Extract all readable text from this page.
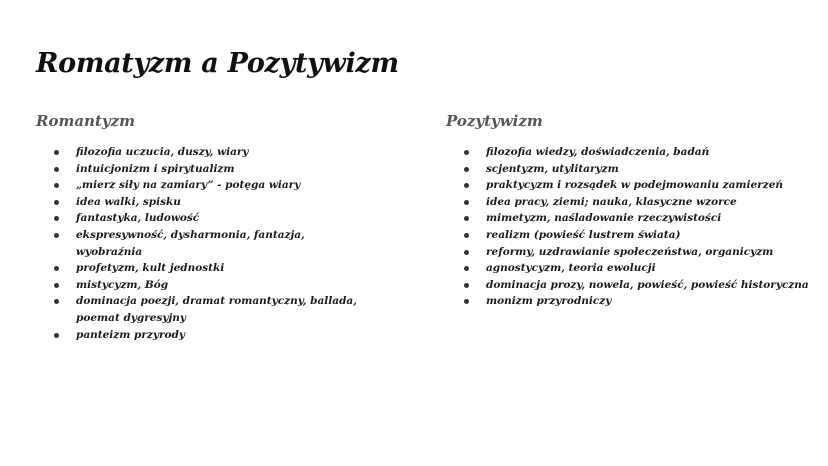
Romatyzm a Pozytywizm
Romantyzm
filozofia uczucia, duszy, wiary
intuicjonizm i spirytualizm
„mierz siły na zamiary” - potęga wiary
idea walki, spisku
fantastyka, ludowość
ekspresywność, dysharmonia, fantazja, wyobraźnia
profetyzm, kult jednostki
mistycyzm, Bóg
dominacja poezji, dramat romantyczny, ballada, poemat dygresyjny
panteizm przyrody
Pozytywizm
filozofia wiedzy, doświadczenia, badań
scjentyzm, utylitaryzm
praktycyzm i rozsądek w podejmowaniu zamierzeń
idea pracy, ziemi; nauka, klasyczne wzorce
mimetyzm, naśladowanie rzeczywistości
realizm (powieść lustrem świata)
reformy, uzdrawianie społeczeństwa, organicyzm
agnostycyzm, teoria ewolucji
dominacja prozy, nowela, powieść, powieść historyczna
monizm przyrodniczy
